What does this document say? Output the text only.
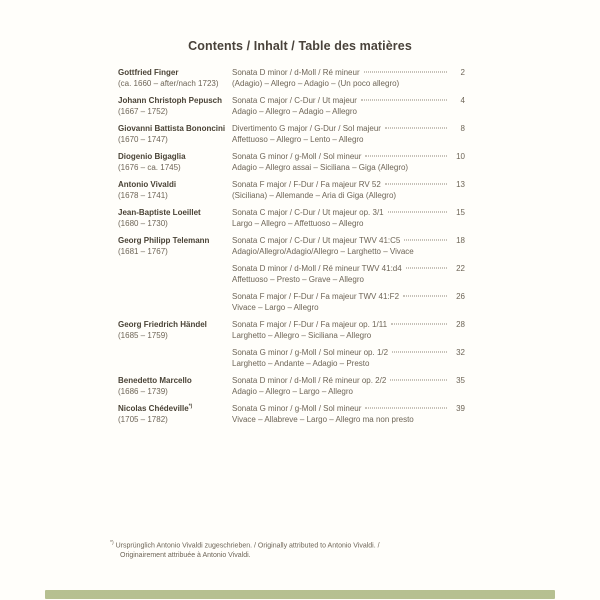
Contents / Inhalt / Table des matières
Gottfried Finger
(ca. 1660 – after/nach 1723)
Sonata D minor / d-Moll / Ré mineur	2
(Adagio) – Allegro – Adagio – (Un poco allegro)
Johann Christoph Pepusch
(1667 – 1752)
Sonata C major / C-Dur / Ut majeur	4
Adagio – Allegro – Adagio – Allegro
Giovanni Battista Bononcini
(1670 – 1747)
Divertimento G major / G-Dur / Sol majeur	8
Affettuoso – Allegro – Lento – Allegro
Diogenio Bigaglia
(1676 – ca. 1745)
Sonata G minor / g-Moll / Sol mineur	10
Adagio – Allegro assai – Siciliana – Giga (Allegro)
Antonio Vivaldi
(1678 – 1741)
Sonata F major / F-Dur / Fa majeur RV 52	13
(Siciliana) – Allemande – Aria di Giga (Allegro)
Jean-Baptiste Loeillet
(1680 – 1730)
Sonata C major / C-Dur / Ut majeur op. 3/1	15
Largo – Allegro – Affettuoso – Allegro
Georg Philipp Telemann
(1681 – 1767)
Sonata C major / C-Dur / Ut majeur TWV 41:C5	18
Adagio/Allegro/Adagio/Allegro – Larghetto – Vivace
Sonata D minor / d-Moll / Ré mineur TWV 41:d4	22
Affettuoso – Presto – Grave – Allegro
Sonata F major / F-Dur / Fa majeur TWV 41:F2	26
Vivace – Largo – Allegro
Georg Friedrich Händel
(1685 – 1759)
Sonata F major / F-Dur / Fa majeur op. 1/11	28
Larghetto – Allegro – Siciliana – Allegro
Sonata G minor / g-Moll / Sol mineur op. 1/2	32
Larghetto – Andante – Adagio – Presto
Benedetto Marcello
(1686 – 1739)
Sonata D minor / d-Moll / Ré mineur op. 2/2	35
Adagio – Allegro – Largo – Allegro
Nicolas Chédeville*)
(1705 – 1782)
Sonata G minor / g-Moll / Sol mineur	39
Vivace – Allabreve – Largo – Allegro ma non presto
*) Ursprünglich Antonio Vivaldi zugeschrieben. / Originally attributed to Antonio Vivaldi. /
Originairement attribuée à Antonio Vivaldi.
